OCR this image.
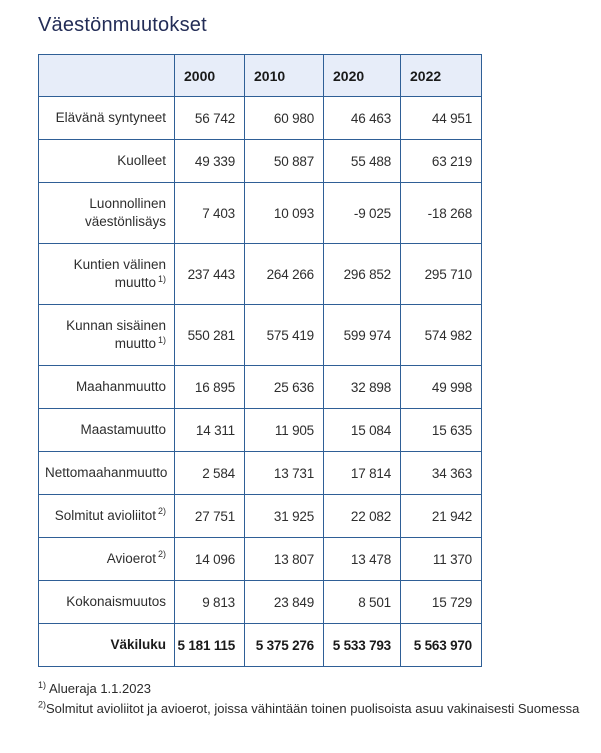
Väestönmuutokset
	2000	2010	2020	2022
Elävänä syntyneet	56 742	60 980	46 463	44 951
Kuolleet	49 339	50 887	55 488	63 219
Luonnollinen väestönlisäys	7 403	10 093	-9 025	-18 268
Kuntien välinen muutto $^{1)}$	237 443	264 266	296 852	295 710
Kunnan sisäinen muutto $^{1)}$	550 281	575 419	599 974	574 982
Maahanmuutto	16 895	25 636	32 898	49 998
Maastamuutto	14 311	11 905	15 084	15 635
Nettomaahanmuutto	2 584	13 731	17 814	34 363
Solmitut avioliitot $^{2)}$	27 751	31 925	22 082	21 942
Avioerot $^{2)}$	14 096	13 807	13 478	11 370
Kokonaismuutos	9 813	23 849	8 501	15 729
Väkiluku	5 181 115	5 375 276	5 533 793	5 563 970

$^{1)}$ Alueraja 1.1.2023

$^{2)}$Solmitut avioliitot ja avioerot, joissa vähintään toinen puolisoista asuu vakinaisesti Suomessa
